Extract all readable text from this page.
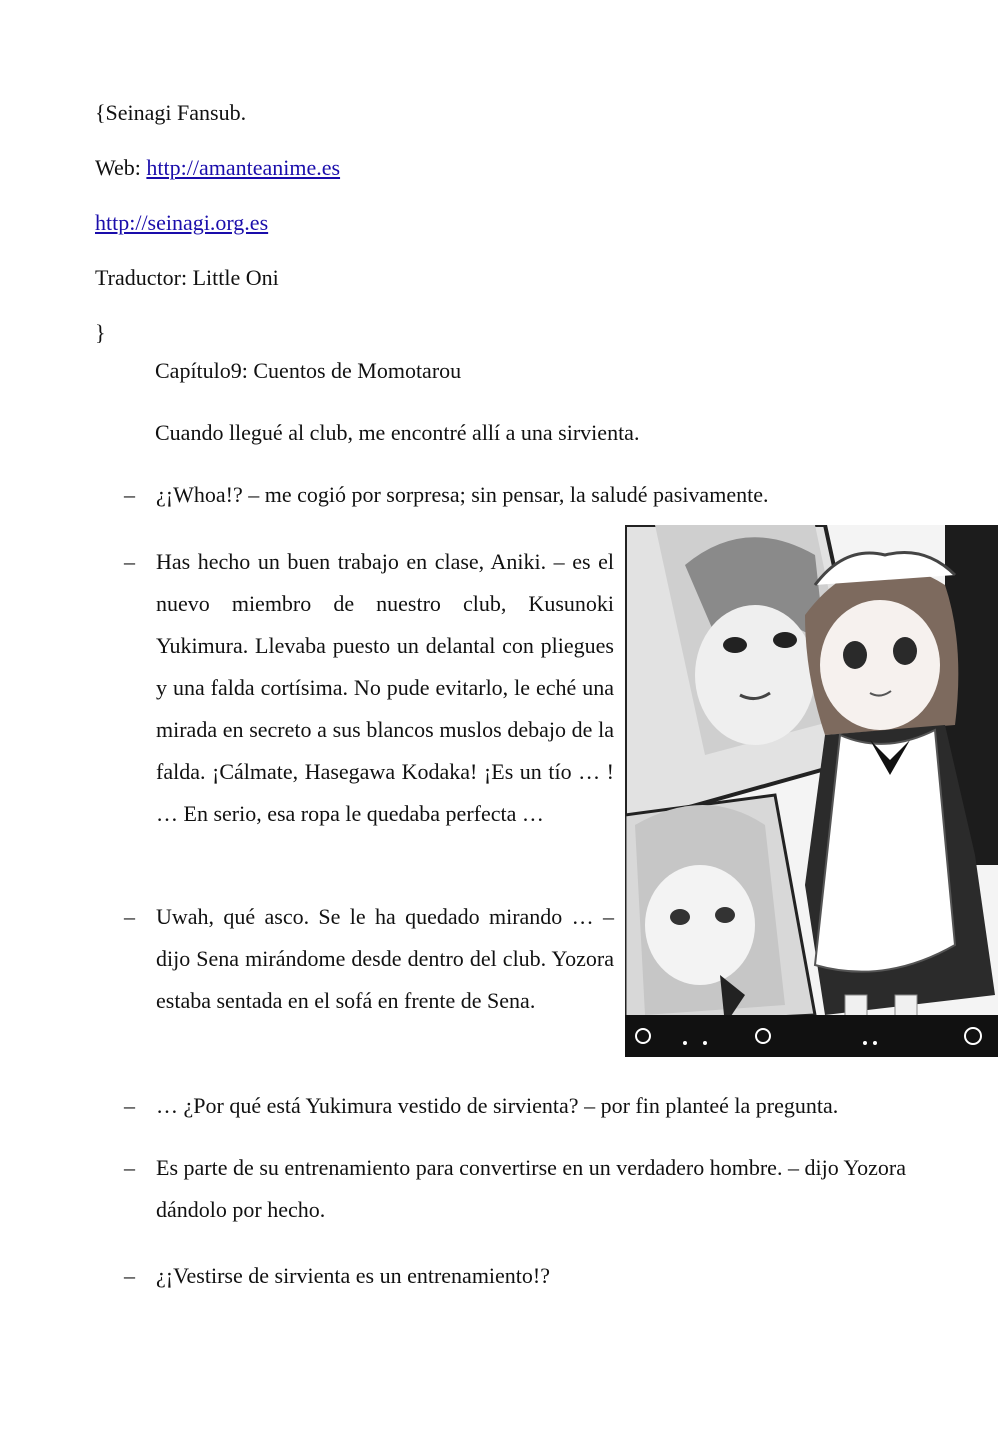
{Seinagi Fansub.
Web: http://amanteanime.es
http://seinagi.org.es
Traductor: Little Oni
}
Capítulo9: Cuentos de Momotarou
Cuando llegué al club, me encontré allí a una sirvienta.
– ¿¡Whoa!? – me cogió por sorpresa; sin pensar, la saludé pasivamente.
– Has hecho un buen trabajo en clase, Aniki. – es el nuevo miembro de nuestro club, Kusunoki Yukimura. Llevaba puesto un delantal con pliegues y una falda cortísima. No pude evitarlo, le eché una mirada en secreto a sus blancos muslos debajo de la falda. ¡Cálmate, Hasegawa Kodaka! ¡Es un tío … ! … En serio, esa ropa le quedaba perfecta …
– Uwah, qué asco. Se le ha quedado mirando … – dijo Sena mirándome desde dentro del club. Yozora estaba sentada en el sofá en frente de Sena.
– … ¿Por qué está Yukimura vestido de sirvienta? – por fin planteé la pregunta.
– Es parte de su entrenamiento para convertirse en un verdadero hombre. – dijo Yozora dándolo por hecho.
– ¿¡Vestirse de sirvienta es un entrenamiento!?
